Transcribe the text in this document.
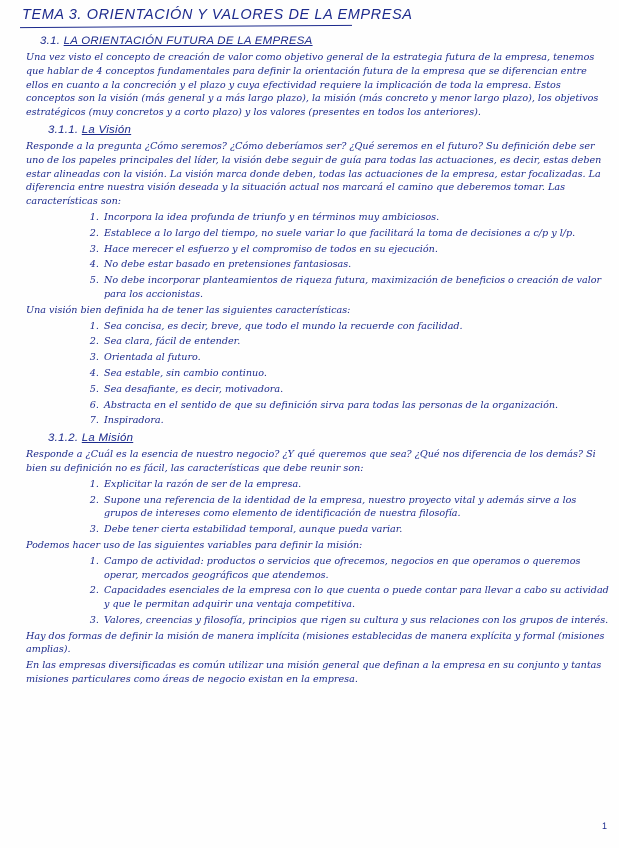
TEMA 3. ORIENTACIÓN Y VALORES DE LA EMPRESA
3.1. LA ORIENTACIÓN FUTURA DE LA EMPRESA
Una vez visto el concepto de creación de valor como objetivo general de la estrategia futura de la empresa, tenemos que hablar de 4 conceptos fundamentales para definir la orientación futura de la empresa que se diferencian entre ellos en cuanto a la concreción y el plazo y cuya efectividad requiere la implicación de toda la empresa. Estos conceptos son la visión (más general y a más largo plazo), la misión (más concreto y menor largo plazo), los objetivos estratégicos (muy concretos y a corto plazo) y los valores (presentes en todos los anteriores).
3.1.1. La Visión
Responde a la pregunta ¿Cómo seremos? ¿Cómo deberíamos ser? ¿Qué seremos en el futuro? Su definición debe ser uno de los papeles principales del líder, la visión debe seguir de guía para todas las actuaciones, es decir, estas deben estar alineadas con la visión. La visión marca donde deben, todas las actuaciones de la empresa, estar focalizadas. La diferencia entre nuestra visión deseada y la situación actual nos marcará el camino que deberemos tomar. Las características son:
1. Incorpora la idea profunda de triunfo y en términos muy ambiciosos.
2. Establece a lo largo del tiempo, no suele variar lo que facilitará la toma de decisiones a c/p y l/p.
3. Hace merecer el esfuerzo y el compromiso de todos en su ejecución.
4. No debe estar basado en pretensiones fantasiosas.
5. No debe incorporar planteamientos de riqueza futura, maximización de beneficios o creación de valor para los accionistas.
Una visión bien definida ha de tener las siguientes características:
1. Sea concisa, es decir, breve, que todo el mundo la recuerde con facilidad.
2. Sea clara, fácil de entender.
3. Orientada al futuro.
4. Sea estable, sin cambio continuo.
5. Sea desafiante, es decir, motivadora.
6. Abstracta en el sentido de que su definición sirva para todas las personas de la organización.
7. Inspiradora.
3.1.2. La Misión
Responde a ¿Cuál es la esencia de nuestro negocio? ¿Y qué queremos que sea? ¿Qué nos diferencia de los demás? Si bien su definición no es fácil, las características que debe reunir son:
1. Explicitar la razón de ser de la empresa.
2. Supone una referencia de la identidad de la empresa, nuestro proyecto vital y además sirve a los grupos de intereses como elemento de identificación de nuestra filosofía.
3. Debe tener cierta estabilidad temporal, aunque pueda variar.
Podemos hacer uso de las siguientes variables para definir la misión:
1. Campo de actividad: productos o servicios que ofrecemos, negocios en que operamos o queremos operar, mercados geográficos que atendemos.
2. Capacidades esenciales de la empresa con lo que cuenta o puede contar para llevar a cabo su actividad y que le permitan adquirir una ventaja competitiva.
3. Valores, creencias y filosofía, principios que rigen su cultura y sus relaciones con los grupos de interés.
Hay dos formas de definir la misión de manera implícita (misiones establecidas de manera explícita y formal (misiones amplias).
En las empresas diversificadas es común utilizar una misión general que definan a la empresa en su conjunto y tantas misiones particulares como áreas de negocio existan en la empresa.
1
